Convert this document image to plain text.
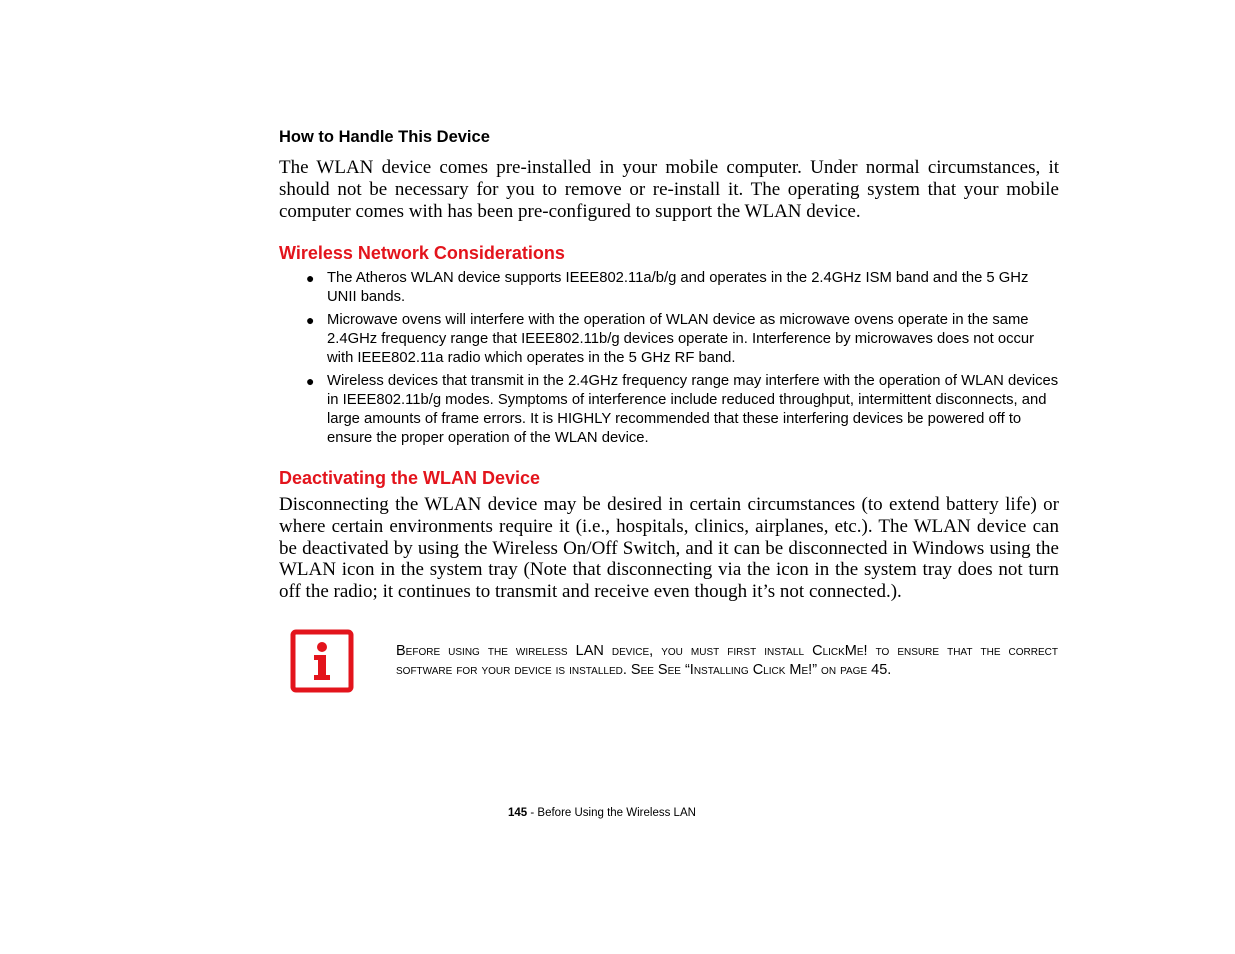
How to Handle This Device
The WLAN device comes pre-installed in your mobile computer. Under normal circumstances, it should not be necessary for you to remove or re-install it. The operating system that your mobile computer comes with has been pre-configured to support the WLAN device.
Wireless Network Considerations
● The Atheros WLAN device supports IEEE802.11a/b/g and operates in the 2.4GHz ISM band and the 5 GHz UNII bands.
● Microwave ovens will interfere with the operation of WLAN device as microwave ovens operate in the same 2.4GHz frequency range that IEEE802.11b/g devices operate in. Interference by microwaves does not occur with IEEE802.11a radio which operates in the 5 GHz RF band.
● Wireless devices that transmit in the 2.4GHz frequency range may interfere with the operation of WLAN devices in IEEE802.11b/g modes. Symptoms of interference include reduced throughput, intermittent disconnects, and large amounts of frame errors. It is HIGHLY recommended that these interfering devices be powered off to ensure the proper operation of the WLAN device.
Deactivating the WLAN Device
Disconnecting the WLAN device may be desired in certain circumstances (to extend battery life) or where certain environments require it (i.e., hospitals, clinics, airplanes, etc.). The WLAN device can be deactivated by using the Wireless On/Off Switch, and it can be disconnected in Windows using the WLAN icon in the system tray (Note that disconnecting via the icon in the system tray does not turn off the radio; it continues to transmit and receive even though it’s not connected.).
Before using the wireless LAN device, you must first install ClickMe! to ensure that the correct software for your device is installed. See See “Installing Click Me!” on page 45.
145 - Before Using the Wireless LAN
